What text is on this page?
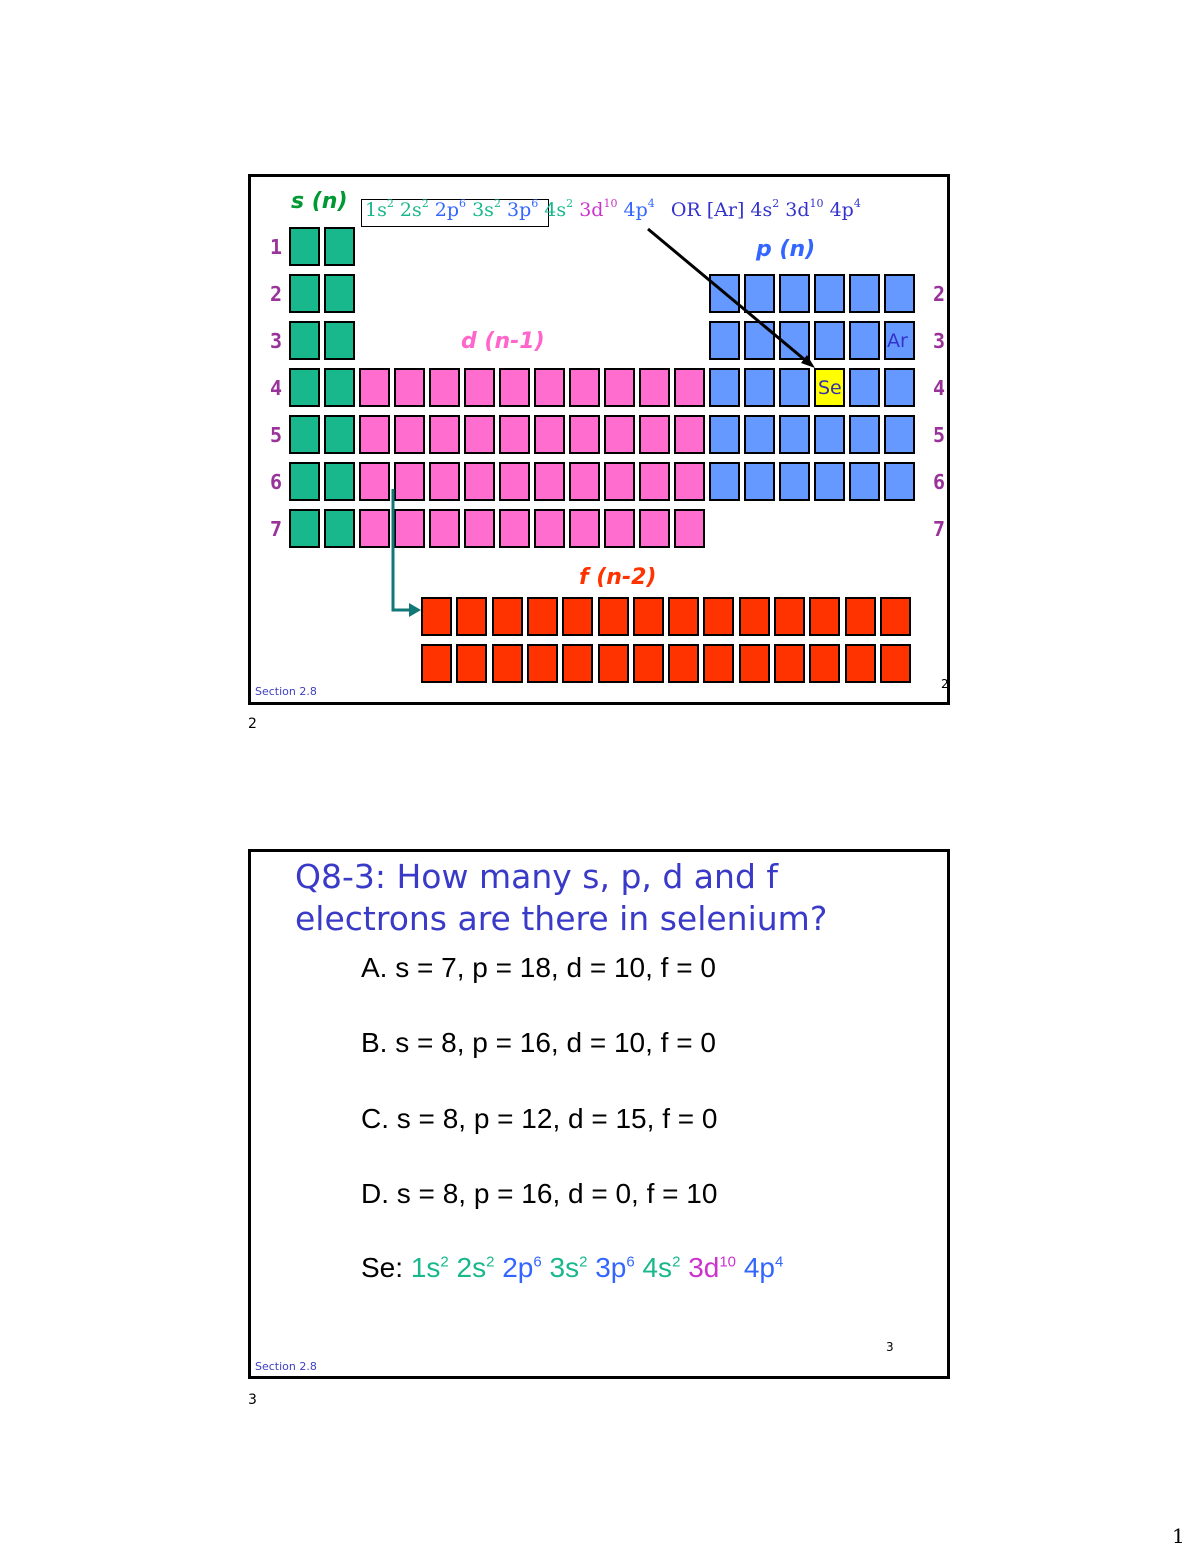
s (n)
p (n)
d (n-1)
f (n-2)
$1s^2$ $2s^2$ $2p^6$ $3s^2$ $3p^6$ $4s^2$ $3d^{10}$ $4p^4$ OR [Ar] $4s^2$ $3d^{10}$ $4p^4$
Ar
Se
1
2
3
4
5
6
7
2
3
4
5
6
7
Section 2.8
2
2
Q8-3: How many s, p, d and f
electrons are there in selenium?
A. s = 7, p = 18, d = 10, f = 0
B. s = 8, p = 16, d = 10, f = 0
C. s = 8, p = 12, d = 15, f = 0
D. s = 8, p = 16, d = 0, f = 10
Se: $1s^2$ $2s^2$ $2p^6$ $3s^2$ $3p^6$ $4s^2$ $3d^{10}$ $4p^4$
Section 2.8
3
3
1
